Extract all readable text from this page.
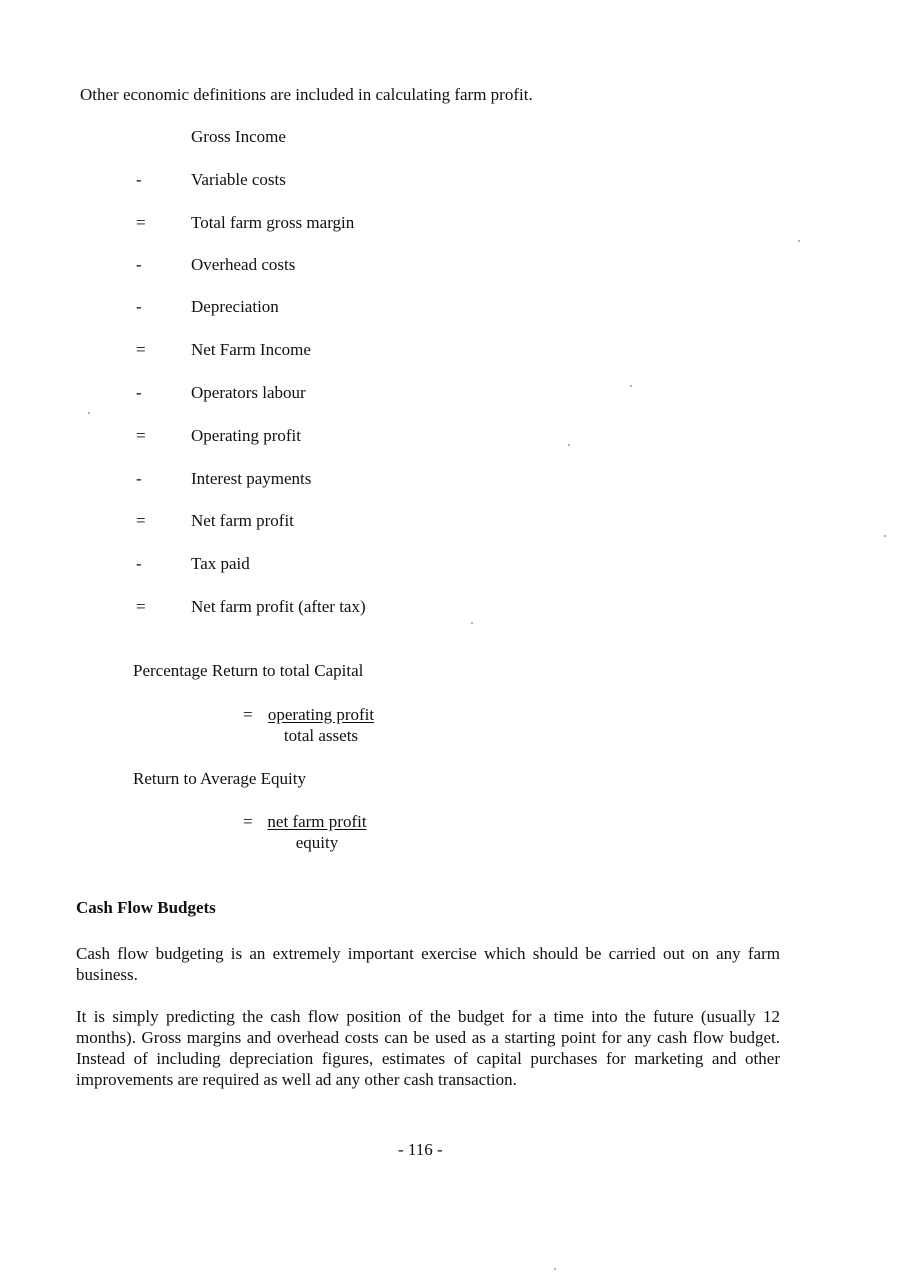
Other economic definitions are included in calculating farm profit.
Gross Income
-	Variable costs
=	Total farm gross margin
-	Overhead costs
-	Depreciation
=	Net Farm Income
-	Operators labour
=	Operating profit
-	Interest payments
=	Net farm profit
-	Tax paid
=	Net farm profit (after tax)
Percentage Return to total Capital
= operating profit
total assets
Return to Average Equity
= net farm profit
equity
Cash Flow Budgets
Cash flow budgeting is an extremely important exercise which should be carried out on any farm business.
It is simply predicting the cash flow position of the budget for a time into the future (usually 12 months). Gross margins and overhead costs can be used as a starting point for any cash flow budget. Instead of including depreciation figures, estimates of capital purchases for marketing and other improvements are required as well ad any other cash transaction.
- 116 -
